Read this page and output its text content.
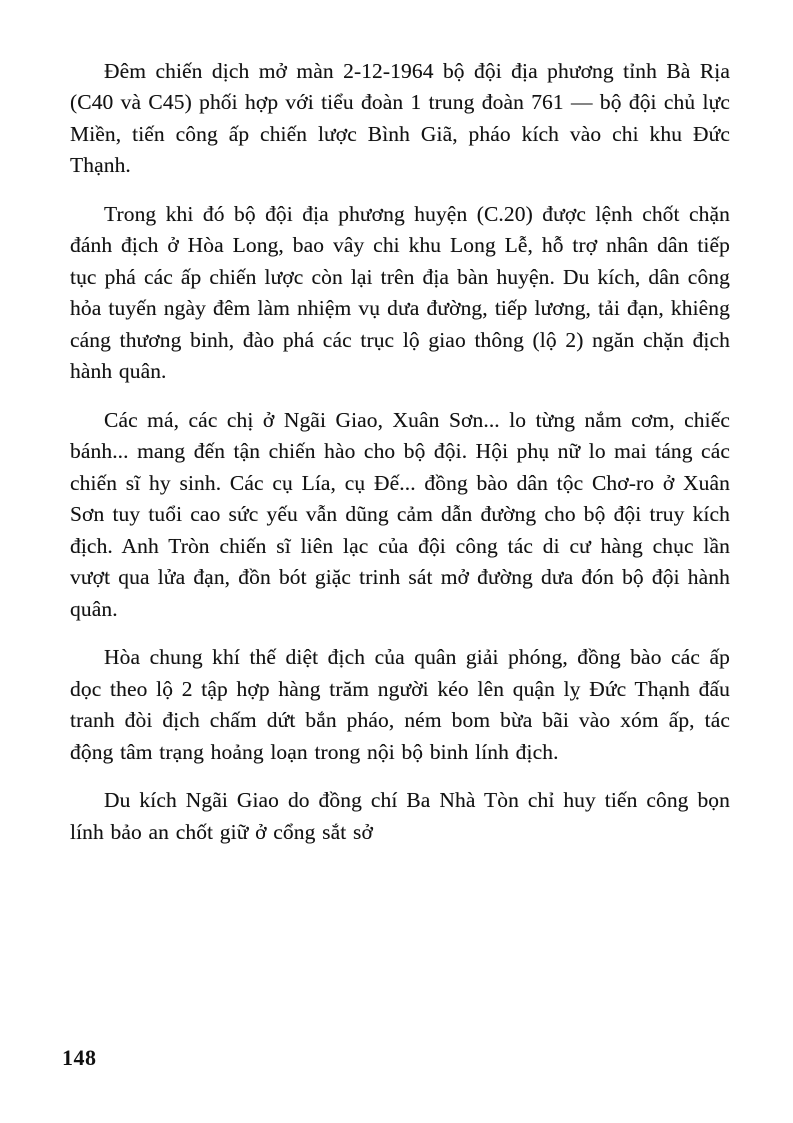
Đêm chiến dịch mở màn 2-12-1964 bộ đội địa phương tỉnh Bà Rịa (C40 và C45) phối hợp với tiểu đoàn 1 trung đoàn 761 — bộ đội chủ lực Miền, tiến công ấp chiến lược Bình Giã, pháo kích vào chi khu Đức Thạnh.

Trong khi đó bộ đội địa phương huyện (C.20) được lệnh chốt chặn đánh địch ở Hòa Long, bao vây chi khu Long Lễ, hỗ trợ nhân dân tiếp tục phá các ấp chiến lược còn lại trên địa bàn huyện. Du kích, dân công hỏa tuyến ngày đêm làm nhiệm vụ dưa đường, tiếp lương, tải đạn, khiêng cáng thương binh, đào phá các trục lộ giao thông (lộ 2) ngăn chặn địch hành quân.

Các má, các chị ở Ngãi Giao, Xuân Sơn... lo từng nắm cơm, chiếc bánh... mang đến tận chiến hào cho bộ đội. Hội phụ nữ lo mai táng các chiến sĩ hy sinh. Các cụ Lía, cụ Đế... đồng bào dân tộc Chơ-ro ở Xuân Sơn tuy tuổi cao sức yếu vẫn dũng cảm dẫn đường cho bộ đội truy kích địch. Anh Tròn chiến sĩ liên lạc của đội công tác di cư hàng chục lần vượt qua lửa đạn, đồn bót giặc trinh sát mở đường dưa đón bộ đội hành quân.

Hòa chung khí thế diệt địch của quân giải phóng, đồng bào các ấp dọc theo lộ 2 tập hợp hàng trăm người kéo lên quận lỵ Đức Thạnh đấu tranh đòi địch chấm dứt bắn pháo, ném bom bừa bãi vào xóm ấp, tác động tâm trạng hoảng loạn trong nội bộ binh lính địch.

Du kích Ngãi Giao do đồng chí Ba Nhà Tòn chỉ huy tiến công bọn lính bảo an chốt giữ ở cổng sắt sở

148
